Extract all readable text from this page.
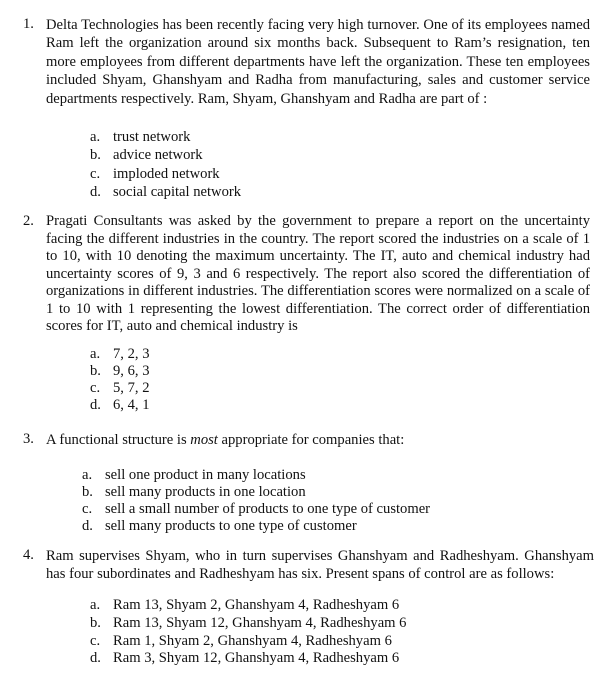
1. Delta Technologies has been recently facing very high turnover. One of its employees named Ram left the organization around six months back. Subsequent to Ram’s resignation, ten more employees from different departments have left the organization. These ten employees included Shyam, Ghanshyam and Radha from manufacturing, sales and customer service departments respectively. Ram, Shyam, Ghanshyam and Radha are part of :
a. trust network
b. advice network
c. imploded network
d. social capital network
2. Pragati Consultants was asked by the government to prepare a report on the uncertainty facing the different industries in the country. The report scored the industries on a scale of 1 to 10, with 10 denoting the maximum uncertainty. The IT, auto and chemical industry had uncertainty scores of 9, 3 and 6 respectively. The report also scored the differentiation of organizations in different industries. The differentiation scores were normalized on a scale of 1 to 10 with 1 representing the lowest differentiation. The correct order of differentiation scores for IT, auto and chemical industry is
a. 7, 2, 3
b. 9, 6, 3
c. 5, 7, 2
d. 6, 4, 1
3. A functional structure is most appropriate for companies that:
a. sell one product in many locations
b. sell many products in one location
c. sell a small number of products to one type of customer
d. sell many products to one type of customer
4. Ram supervises Shyam, who in turn supervises Ghanshyam and Radheshyam. Ghanshyam has four subordinates and Radheshyam has six. Present spans of control are as follows:
a. Ram 13, Shyam 2, Ghanshyam 4, Radheshyam 6
b. Ram 13, Shyam 12, Ghanshyam 4, Radheshyam 6
c. Ram 1, Shyam 2, Ghanshyam 4, Radheshyam 6
d. Ram 3, Shyam 12, Ghanshyam 4, Radheshyam 6
